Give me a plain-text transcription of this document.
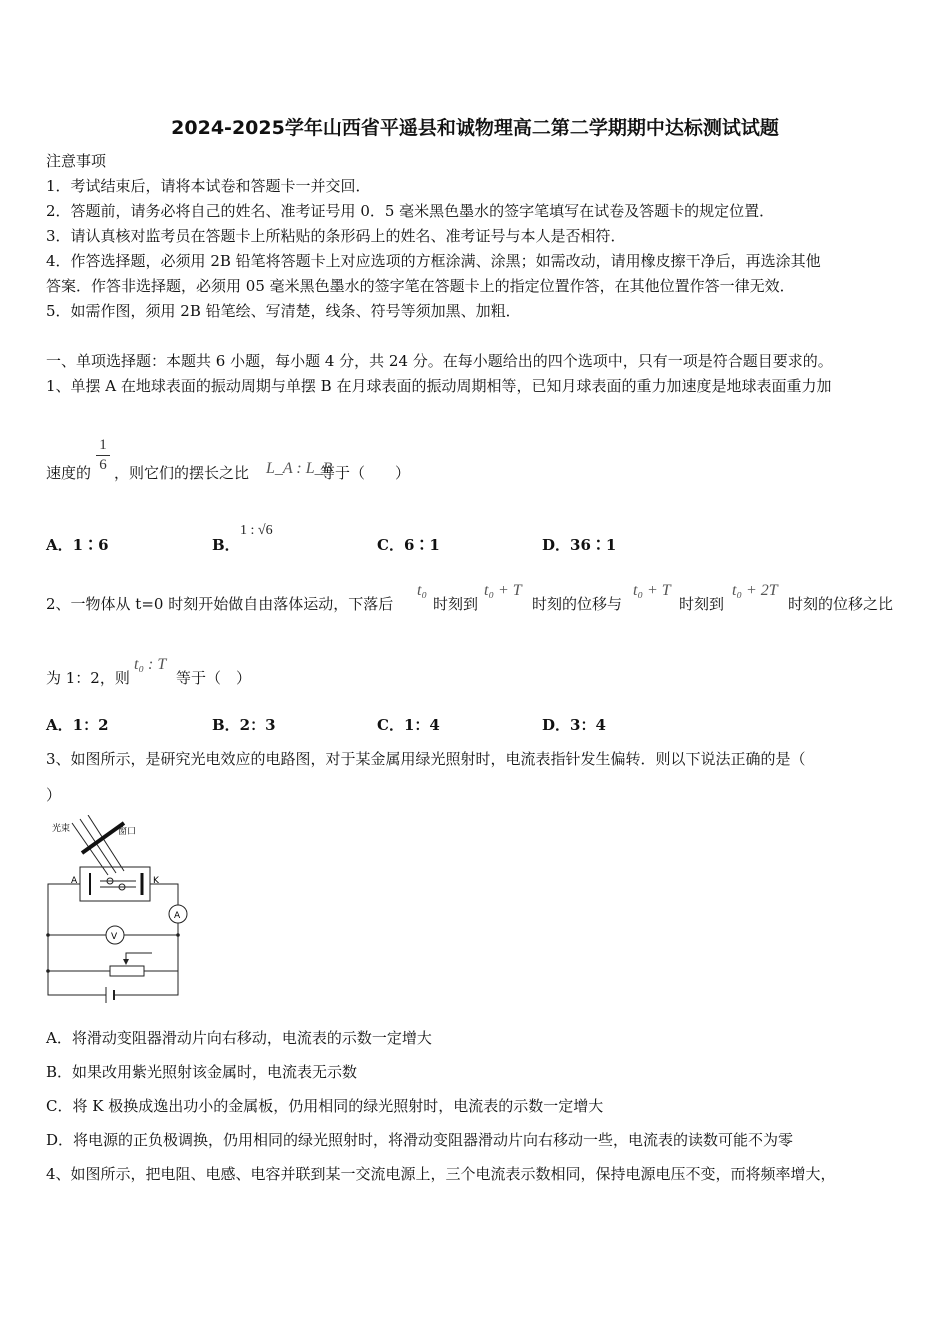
2024-2025学年山西省平遥县和诚物理高二第二学期期中达标测试试题
注意事项
1．考试结束后，请将本试卷和答题卡一并交回．
2．答题前，请务必将自己的姓名、准考证号用 0．5 毫米黑色墨水的签字笔填写在试卷及答题卡的规定位置．
3．请认真核对监考员在答题卡上所粘贴的条形码上的姓名、准考证号与本人是否相符．
4．作答选择题，必须用 2B 铅笔将答题卡上对应选项的方框涂满、涂黑；如需改动，请用橡皮擦干净后，再选涂其他
答案．作答非选择题，必须用 05 毫米黑色墨水的签字笔在答题卡上的指定位置作答，在其他位置作答一律无效．
5．如需作图，须用 2B 铅笔绘、写清楚，线条、符号等须加黑、加粗．
一、单项选择题：本题共 6 小题，每小题 4 分，共 24 分。在每小题给出的四个选项中，只有一项是符合题目要求的。
1、单摆 A 在地球表面的振动周期与单摆 B 在月球表面的振动周期相等，已知月球表面的重力加速度是地球表面重力加
速度的
1
6 ，则它们的摆长之比 L_A : L_B
等于（　　）
A．1∶6	B．
1 : √6
C．6∶1	D．36∶1
2、一物体从 t=0 时刻开始做自由落体运动，下落后
t₀
时刻到
t₀ + T
时刻的位移与
t₀ + T
时刻到
t₀ + 2T
时刻的位移之比
为 1：2，则
t₀ : T
等于（　）
A．1：2	B．2：3	C．1：4	D．3：4
3、如图所示，是研究光电效应的电路图，对于某金属用绿光照射时，电流表指针发生偏转．则以下说法正确的是（
）
光束	窗口
A	K
A
V
A．将滑动变阻器滑动片向右移动，电流表的示数一定增大
B．如果改用紫光照射该金属时，电流表无示数
C．将 K 极换成逸出功小的金属板，仍用相同的绿光照射时，电流表的示数一定增大
D．将电源的正负极调换，仍用相同的绿光照射时，将滑动变阻器滑动片向右移动一些，电流表的读数可能不为零
4、如图所示，把电阻、电感、电容并联到某一交流电源上，三个电流表示数相同，保持电源电压不变，而将频率增大，
